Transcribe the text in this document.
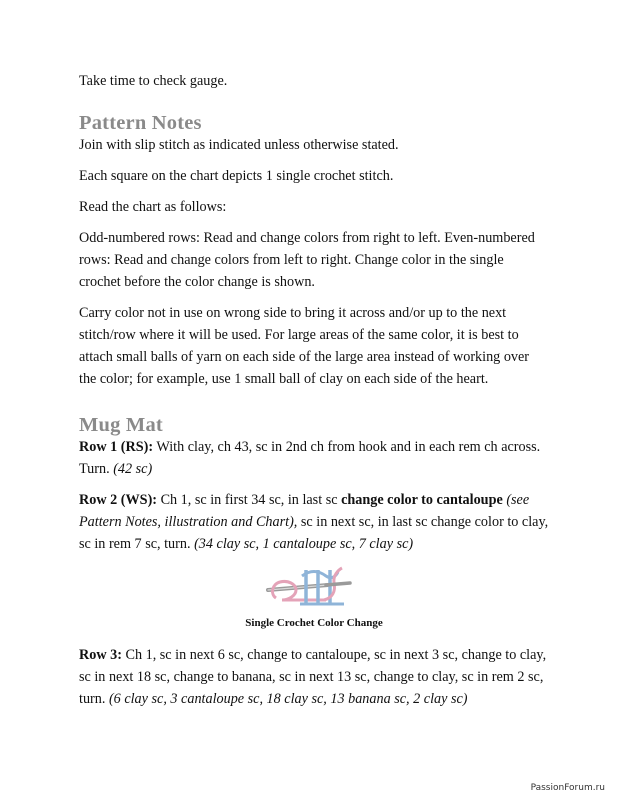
Take time to check gauge.

Pattern Notes

Join with slip stitch as indicated unless otherwise stated.

Each square on the chart depicts 1 single crochet stitch.

Read the chart as follows:

Odd-numbered rows: Read and change colors from right to left. Even-numbered rows: Read and change colors from left to right. Change color in the single crochet before the color change is shown.

Carry color not in use on wrong side to bring it across and/or up to the next stitch/row where it will be used. For large areas of the same color, it is best to attach small balls of yarn on each side of the large area instead of working over the color; for example, use 1 small ball of clay on each side of the heart.

Mug Mat

Row 1 (RS): With clay, ch 43, sc in 2nd ch from hook and in each rem ch across. Turn. (42 sc)

Row 2 (WS): Ch 1, sc in first 34 sc, in last sc change color to cantaloupe (see Pattern Notes, illustration and Chart), sc in next sc, in last sc change color to clay, sc in rem 7 sc, turn. (34 clay sc, 1 cantaloupe sc, 7 clay sc)

Single Crochet Color Change

Row 3: Ch 1, sc in next 6 sc, change to cantaloupe, sc in next 3 sc, change to clay, sc in next 18 sc, change to banana, sc in next 13 sc, change to clay, sc in rem 2 sc, turn. (6 clay sc, 3 cantaloupe sc, 18 clay sc, 13 banana sc, 2 clay sc)

PassionForum.ru
